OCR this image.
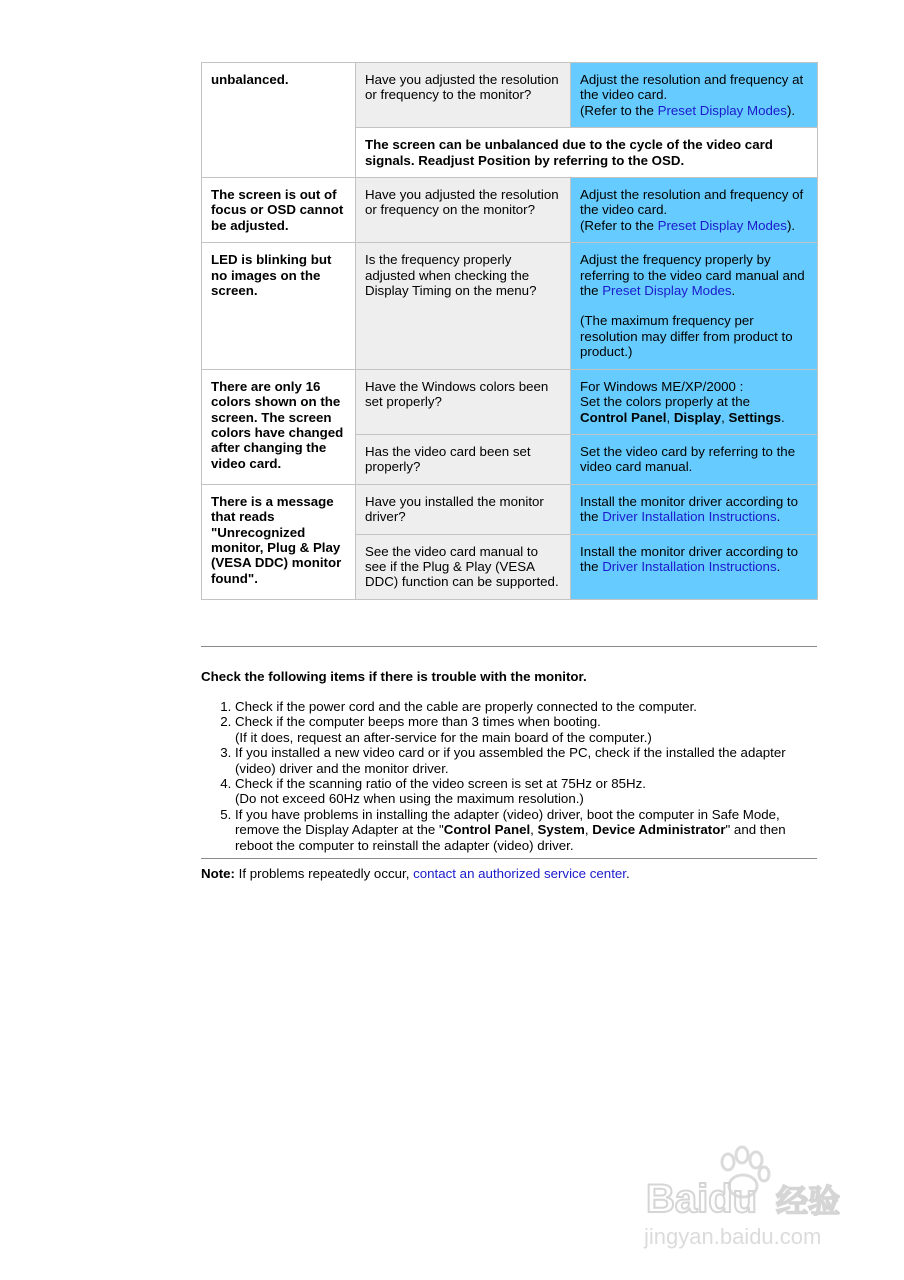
unbalanced.	Have you adjusted the resolution or frequency to the monitor?	Adjust the resolution and frequency at the video card.
(Refer to the Preset Display Modes).
	The screen can be unbalanced due to the cycle of the video card signals. Readjust Position by referring to the OSD.	
The screen is out of focus or OSD cannot be adjusted.	Have you adjusted the resolution or frequency on the monitor?	Adjust the resolution and frequency of the video card.
(Refer to the Preset Display Modes).
LED is blinking but no images on the screen.	Is the frequency properly adjusted when checking the Display Timing on the menu?	Adjust the frequency properly by referring to the video card manual and the Preset Display Modes.
(The maximum frequency per resolution may differ from product to product.)

There are only 16 colors shown on the screen. The screen colors have changed after changing the video card.	Have the Windows colors been set properly?	For Windows ME/XP/2000 :
Set the colors properly at the
Control Panel, Display, Settings.
	Has the video card been set properly?	Set the video card by referring to the video card manual.
There is a message that reads "Unrecognized monitor, Plug & Play (VESA DDC) monitor found".	Have you installed the monitor driver?	Install the monitor driver according to the Driver Installation Instructions.
	See the video card manual to see if the Plug & Play (VESA DDC) function can be supported.	Install the monitor driver according to the Driver Installation Instructions.
Check the following items if there is trouble with the monitor.
1. Check if the power cord and the cable are properly connected to the computer.
2. Check if the computer beeps more than 3 times when booting.
(If it does, request an after-service for the main board of the computer.)
3. If you installed a new video card or if you assembled the PC, check if the installed the adapter (video) driver and the monitor driver.
4. Check if the scanning ratio of the video screen is set at 75Hz or 85Hz.
(Do not exceed 60Hz when using the maximum resolution.)
5. If you have problems in installing the adapter (video) driver, boot the computer in Safe Mode, remove the Display Adapter at the "Control Panel, System, Device Administrator" and then reboot the computer to reinstall the adapter (video) driver.
Note: If problems repeatedly occur, contact an authorized service center.
Baidu 经验
jingyan.baidu.com
